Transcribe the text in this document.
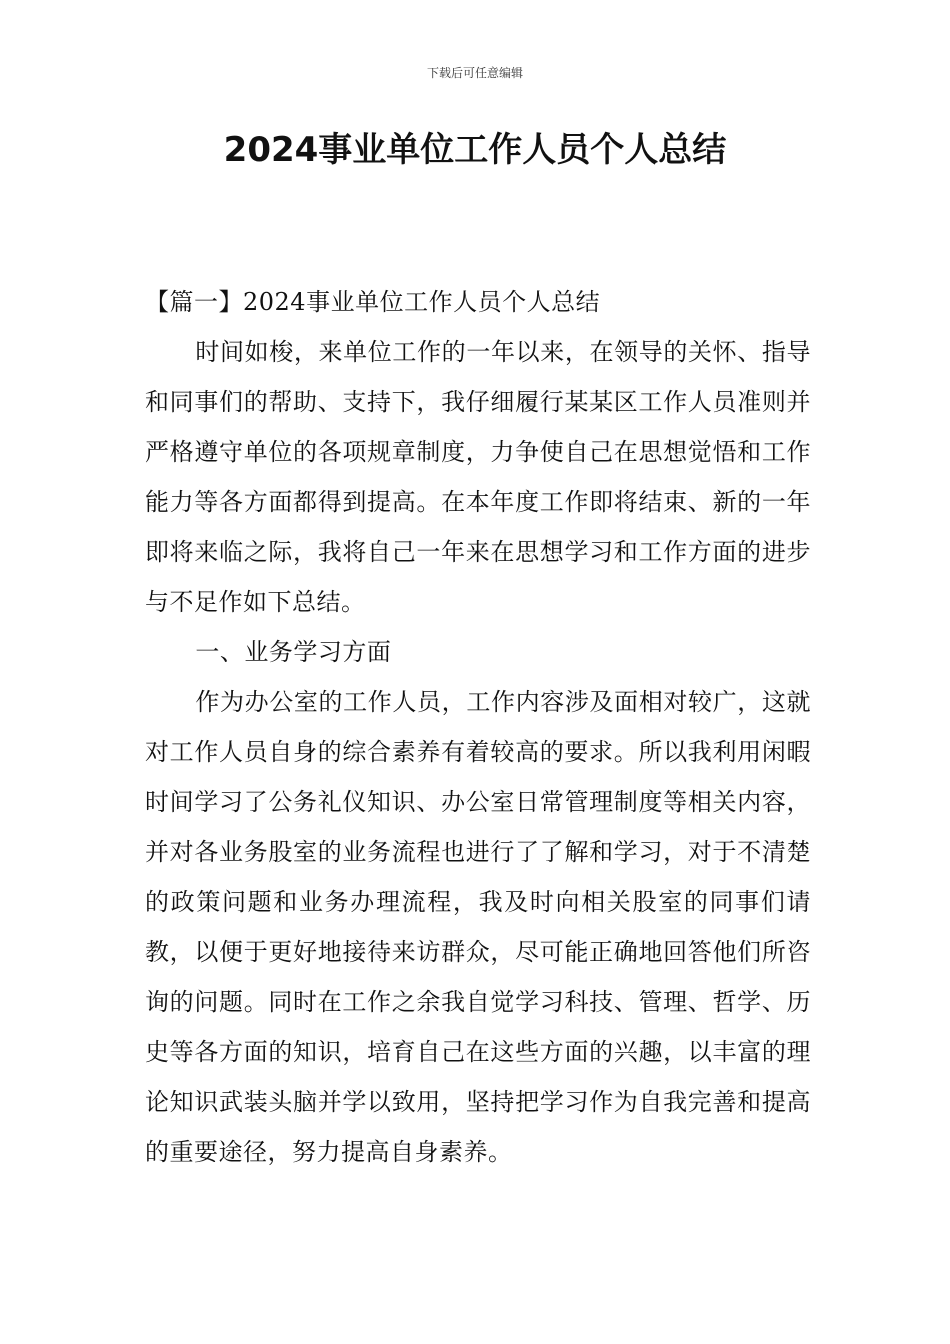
下载后可任意编辑
2024事业单位工作人员个人总结

【篇一】2024事业单位工作人员个人总结

时间如梭，来单位工作的一年以来，在领导的关怀、指导和同事们的帮助、支持下，我仔细履行某某区工作人员准则并严格遵守单位的各项规章制度，力争使自己在思想觉悟和工作能力等各方面都得到提高。在本年度工作即将结束、新的一年即将来临之际，我将自己一年来在思想学习和工作方面的进步与不足作如下总结。

一、业务学习方面

作为办公室的工作人员，工作内容涉及面相对较广，这就对工作人员自身的综合素养有着较高的要求。所以我利用闲暇时间学习了公务礼仪知识、办公室日常管理制度等相关内容，并对各业务股室的业务流程也进行了了解和学习，对于不清楚的政策问题和业务办理流程，我及时向相关股室的同事们请教，以便于更好地接待来访群众，尽可能正确地回答他们所咨询的问题。同时在工作之余我自觉学习科技、管理、哲学、历史等各方面的知识，培育自己在这些方面的兴趣，以丰富的理论知识武装头脑并学以致用，坚持把学习作为自我完善和提高的重要途径，努力提高自身素养。
